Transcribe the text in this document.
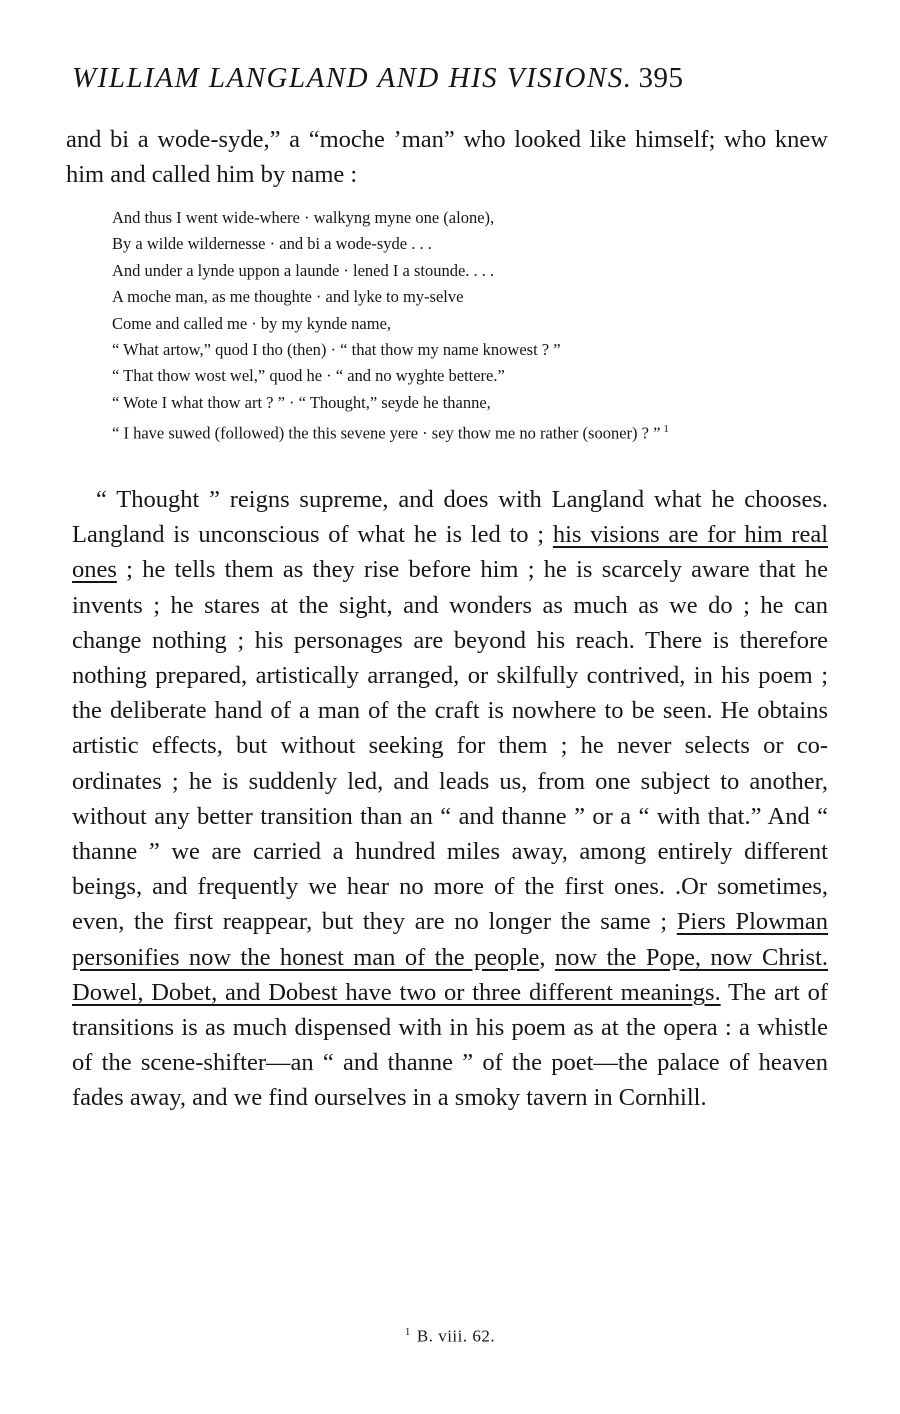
WILLIAM LANGLAND AND HIS VISIONS. 395

and bi a wode-syde,” a “moche ’man” who looked like himself; who knew him and called him by name :

And thus I went wide-where · walkyng myne one (alone),
By a wilde wildernesse · and bi a wode-syde . . .
And under a lynde uppon a launde · lened I a stounde. . . .
A moche man, as me thoughte · and lyke to my-selve
Come and called me · by my kynde name,
“ What artow,” quod I tho (then) · “ that thow my name knowest ? ”
“ That thow wost wel,” quod he · “ and no wyghte bettere.”
“ Wote I what thow art ? ” · “ Thought,” seyde he thanne,
“ I have suwed (followed) the this sevene yere · sey thow me no rather (sooner) ? ” $^1$

“ Thought ” reigns supreme, and does with Langland what he chooses. Langland is unconscious of what he is led to ; his visions are for him real ones ; he tells them as they rise before him ; he is scarcely aware that he invents ; he stares at the sight, and wonders as much as we do ; he can change nothing ; his personages are beyond his reach. There is therefore nothing prepared, artistically arranged, or skilfully contrived, in his poem ; the deliberate hand of a man of the craft is nowhere to be seen. He obtains artistic effects, but without seeking for them ; he never selects or co-ordinates ; he is suddenly led, and leads us, from one subject to another, without any better transition than an “ and thanne ” or a “ with that.” And “ thanne ” we are carried a hundred miles away, among entirely different beings, and frequently we hear no more of the first ones. .Or sometimes, even, the first reappear, but they are no longer the same ; Piers Plowman personifies now the honest man of the people, now the Pope, now Christ. Dowel, Dobet, and Dobest have two or three different meanings. The art of transitions is as much dispensed with in his poem as at the opera : a whistle of the scene-shifter—an “ and thanne ” of the poet—the palace of heaven fades away, and we find ourselves in a smoky tavern in Cornhill.

$^1$ B. viii. 62.
